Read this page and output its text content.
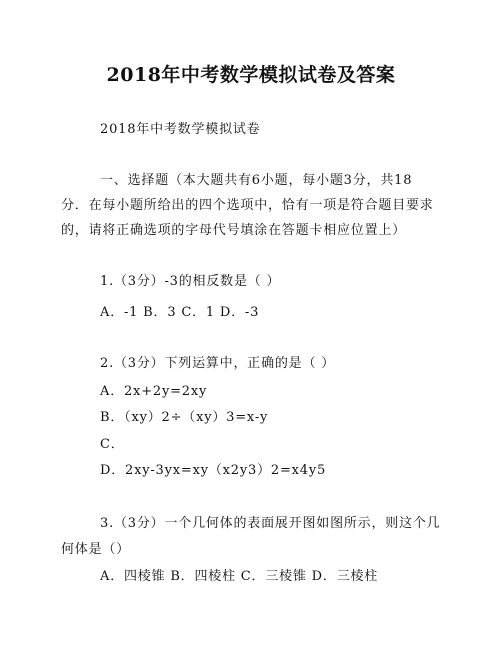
2018年中考数学模拟试卷及答案
2018年中考数学模拟试卷
一、选择题（本大题共有6小题，每小题3分，共18
分．在每小题所给出的四个选项中，恰有一项是符合题目要求
的，请将正确选项的字母代号填涂在答题卡相应位置上）
1.（3分）-3的相反数是（ ）
A．-1 B．3 C．1 D．-3
2.（3分）下列运算中，正确的是（ ）
A．2x+2y=2xy
B．（xy）2÷（xy）3=x-y
C．
D．2xy-3yx=xy（x2y3）2=x4y5
3.（3分）一个几何体的表面展开图如图所示，则这个几
何体是（）
A．四棱锥 B．四棱柱 C．三棱锥 D．三棱柱
